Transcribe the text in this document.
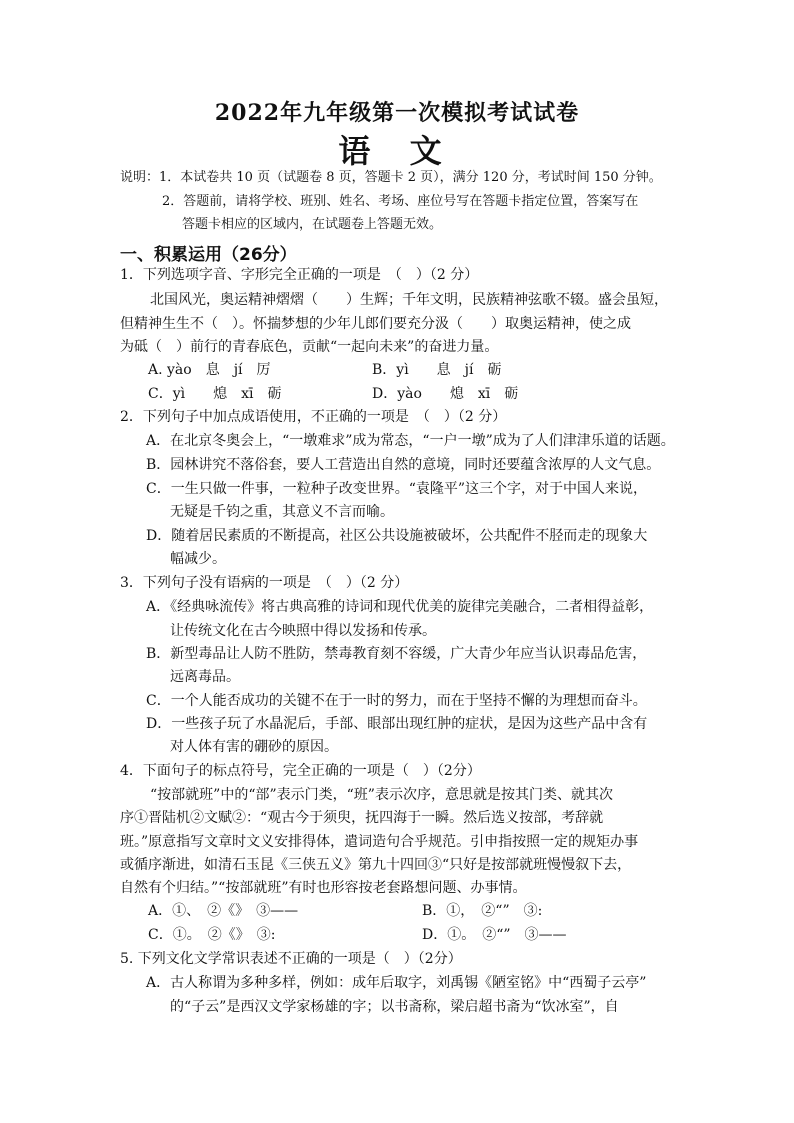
2022年九年级第一次模拟考试试卷
语 文
说明：1．本试卷共 10 页（试题卷 8 页，答题卡 2 页），满分 120 分，考试时间 150 分钟。
2．答题前，请将学校、班别、姓名、考场、座位号写在答题卡指定位置，答案写在
答题卡相应的区域内，在试题卷上答题无效。
一、积累运用（26分）
1．下列选项字音、字形完全正确的一项是　（　）（2 分）
北国风光，奥运精神熠熠（　　）生辉；千年文明，民族精神弦歌不辍。盛会虽短，
但精神生生不（　）。怀揣梦想的少年儿郎们要充分汲（　　）取奥运精神，使之成
为砥（　）前行的青春底色，贡献“一起向未来”的奋进力量。
A. yào　息　jí　厉	B．yì　　息　jí　砺
C．yì　　熄　xī　砺	D．yào　　熄　xī　砺
2．下列句子中加点成语使用，不正确的一项是　（　）（2 分）
A．在北京冬奥会上，“一墩难求”成为常态，“一户一墩”成为了人们津津乐道的话题。
B．园林讲究不落俗套，要人工营造出自然的意境，同时还要蕴含浓厚的人文气息。
C．一生只做一件事，一粒种子改变世界。“袁隆平”这三个字，对于中国人来说，
无疑是千钧之重，其意义不言而喻。
D．随着居民素质的不断提高，社区公共设施被破坏，公共配件不胫而走的现象大
幅减少。
3．下列句子没有语病的一项是　（　）（2 分）
A．《经典咏流传》将古典高雅的诗词和现代优美的旋律完美融合，二者相得益彰，
让传统文化在古今映照中得以发扬和传承。
B．新型毒品让人防不胜防，禁毒教育刻不容缓，广大青少年应当认识毒品危害，
远离毒品。
C．一个人能否成功的关键不在于一时的努力，而在于坚持不懈的为理想而奋斗。
D．一些孩子玩了水晶泥后，手部、眼部出现红肿的症状，是因为这些产品中含有
对人体有害的硼砂的原因。
4．下面句子的标点符号，完全正确的一项是（　）（2分）
“按部就班”中的“部”表示门类，“班”表示次序，意思就是按其门类、就其次
序①晋陆机②文赋②：“观古今于须臾，抚四海于一瞬。然后选义按部，考辞就
班。”原意指写文章时文义安排得体，遣词造句合乎规范。引申指按照一定的规矩办事
或循序渐进，如清石玉昆《三侠五义》第九十四回③“只好是按部就班慢慢叙下去，
自然有个归结。”“按部就班”有时也形容按老套路想问题、办事情。
A．①、　②《》　③——	B．①，　②“”　③:
C．①。　②《》　③:	D．①。　②“”　③——
5. 下列文化文学常识表述不正确的一项是（　）（2分）
A．古人称谓为多种多样，例如：成年后取字，刘禹锡《陋室铭》中“西蜀子云亭”
的“子云”是西汉文学家杨雄的字；以书斋称，梁启超书斋为“饮冰室”，自
